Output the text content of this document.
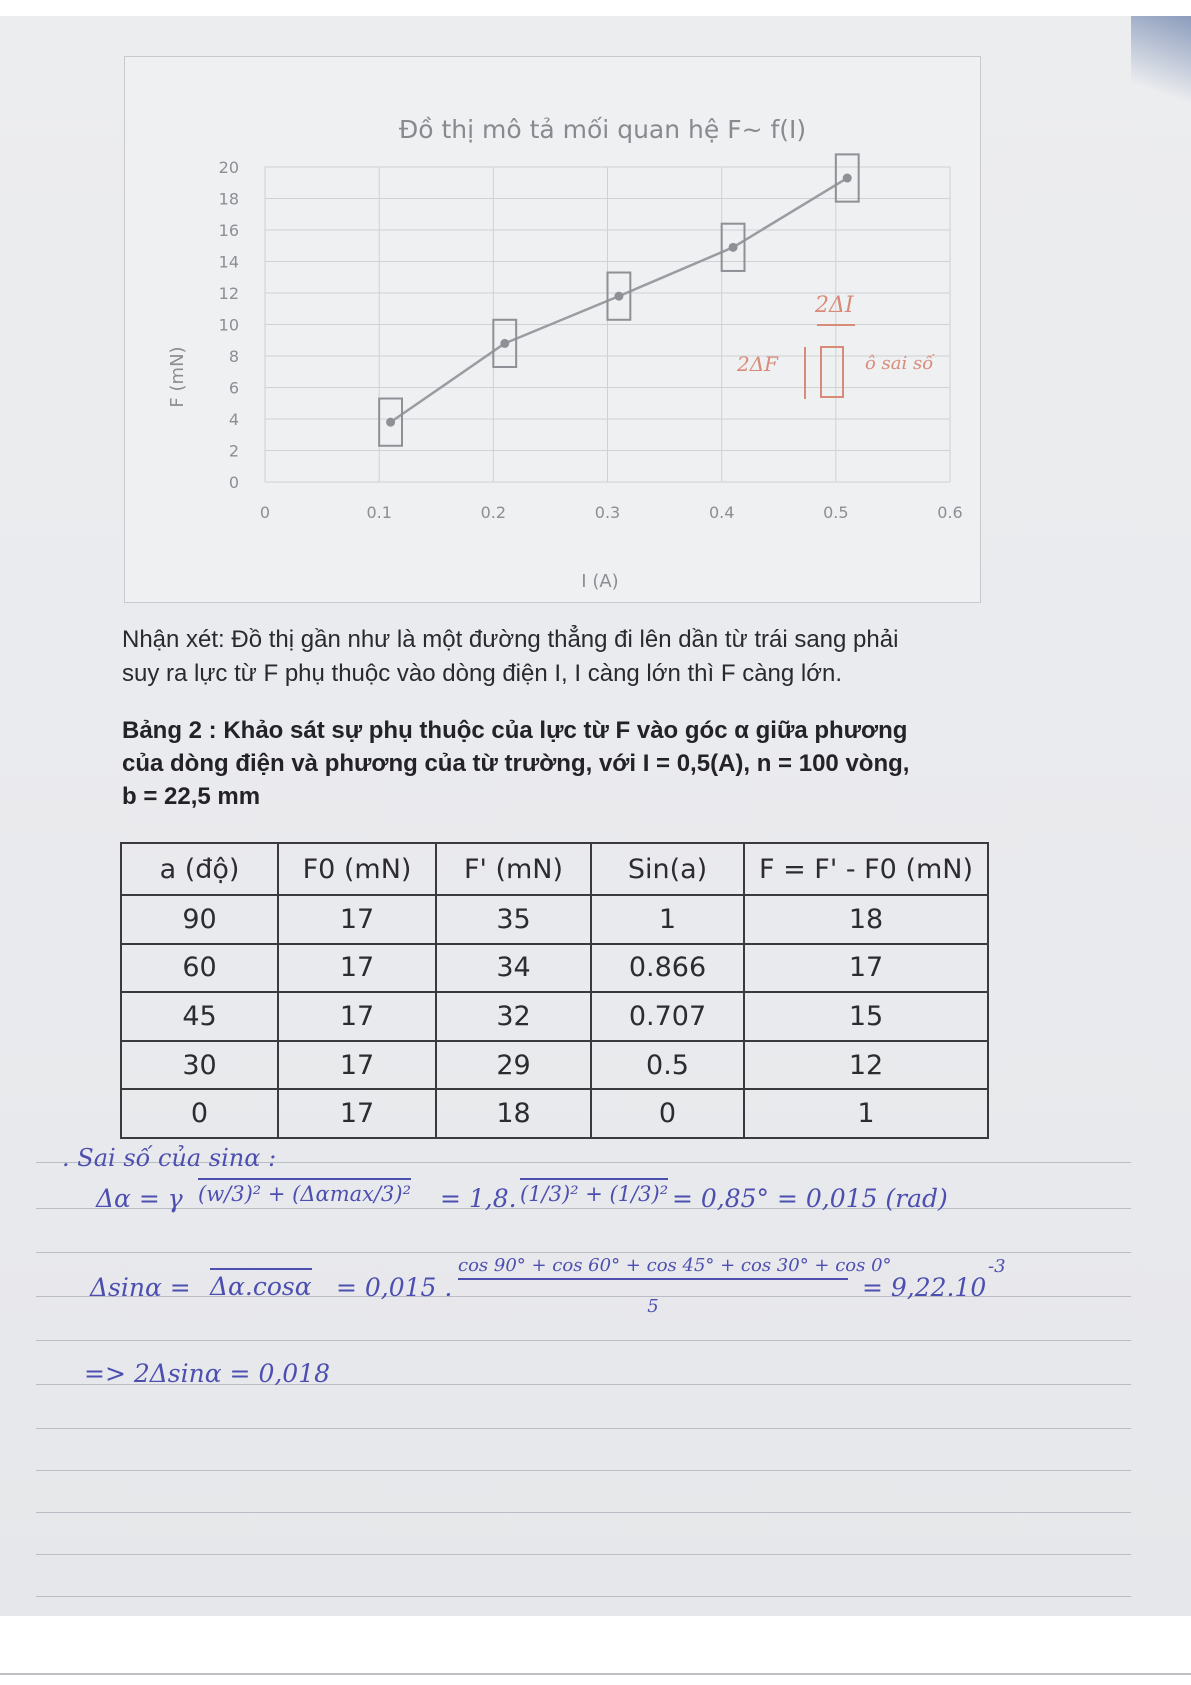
Đồ thị mô tả mối quan hệ F~ f(I)
0
2
4
6
8
10
12
14
16
18
20
0	0.1	0.2	0.3	0.4	0.5	0.6
F (mN)
I (A)
2ΔI
2ΔF	ô sai số
Nhận xét: Đồ thị gần như là một đường thẳng đi lên dần từ trái sang phải
suy ra lực từ F phụ thuộc vào dòng điện I, I càng lớn thì F càng lớn.
Bảng 2 : Khảo sát sự phụ thuộc của lực từ F vào góc α giữa phương
của dòng điện và phương của từ trường, với I = 0,5(A), n = 100 vòng,
b = 22,5 mm
a (độ)	F0 (mN)	F' (mN)	Sin(a)	F = F' - F0 (mN)
90	17	35	1	18
60	17	34	0.866	17
45	17	32	0.707	15
30	17	29	0.5	12
0	17	18	0	1
. Sai số của sinα :
Δα = γ (w/3)² + (Δαmax/3)² = 1,8. (1/3)² + (1/3)² = 0,85° = 0,015 (rad)
Δsinα = Δα.cosα = 0,015 .
cos 90° + cos 60° + cos 45° + cos 30° + cos 0°
5
= 9,22.10
-3
=> 2Δsinα = 0,018
